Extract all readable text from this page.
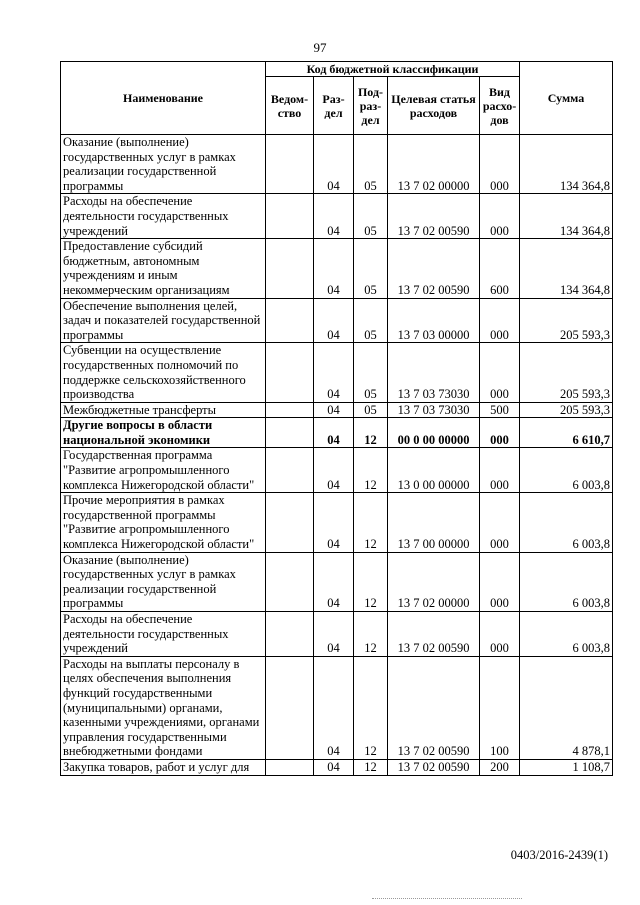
97
Наименование	Код бюджетной классификации					Сумма
	Ведом-ство	Раз-дел	Под-раз-дел	Целевая статья расходов	Вид расхо-дов	
Оказание (выполнение) государственных услуг в рамках реализации государственной программы		04	05	13 7 02 00000	000	134 364,8
Расходы на обеспечение деятельности государственных учреждений		04	05	13 7 02 00590	000	134 364,8
Предоставление субсидий бюджетным, автономным учреждениям и иным некоммерческим организациям		04	05	13 7 02 00590	600	134 364,8
Обеспечение выполнения целей, задач и показателей государственной программы		04	05	13 7 03 00000	000	205 593,3
Субвенции на осуществление государственных полномочий по поддержке сельскохозяйственного производства		04	05	13 7 03 73030	000	205 593,3
Межбюджетные трансферты		04	05	13 7 03 73030	500	205 593,3
Другие вопросы в области национальной экономики		04	12	00 0 00 00000	000	6 610,7
Государственная программа "Развитие агропромышленного комплекса Нижегородской области"		04	12	13 0 00 00000	000	6 003,8
Прочие мероприятия в рамках государственной программы "Развитие агропромышленного комплекса Нижегородской области"		04	12	13 7 00 00000	000	6 003,8
Оказание (выполнение) государственных услуг в рамках реализации государственной программы		04	12	13 7 02 00000	000	6 003,8
Расходы на обеспечение деятельности государственных учреждений		04	12	13 7 02 00590	000	6 003,8
Расходы на выплаты персоналу в целях обеспечения выполнения функций государственными (муниципальными) органами, казенными учреждениями, органами управления государственными внебюджетными фондами		04	12	13 7 02 00590	100	4 878,1
Закупка товаров, работ и услуг для		04	12	13 7 02 00590	200	1 108,7
0403/2016-2439(1)
